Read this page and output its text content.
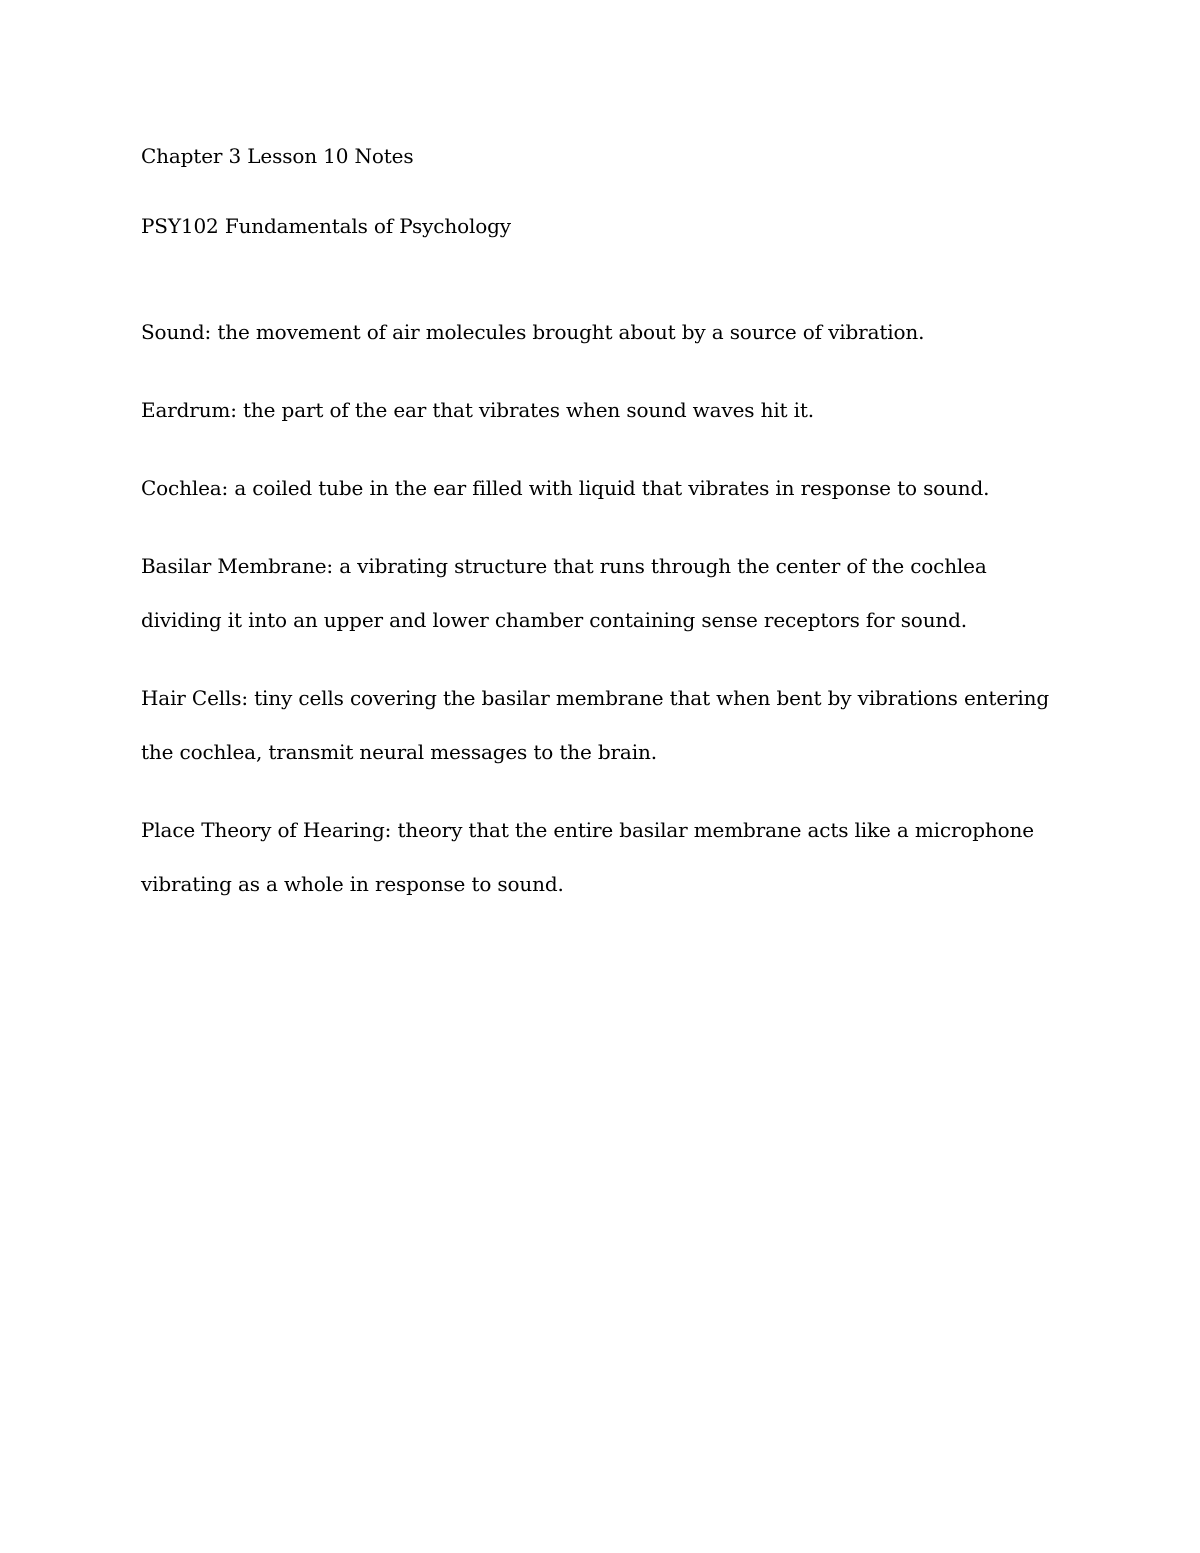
Chapter 3 Lesson 10 Notes

PSY102 Fundamentals of Psychology

Sound: the movement of air molecules brought about by a source of vibration.

Eardrum: the part of the ear that vibrates when sound waves hit it.

Cochlea: a coiled tube in the ear filled with liquid that vibrates in response to sound.

Basilar Membrane: a vibrating structure that runs through the center of the cochlea dividing it into an upper and lower chamber containing sense receptors for sound.

Hair Cells: tiny cells covering the basilar membrane that when bent by vibrations entering the cochlea, transmit neural messages to the brain.

Place Theory of Hearing: theory that the entire basilar membrane acts like a microphone vibrating as a whole in response to sound.
